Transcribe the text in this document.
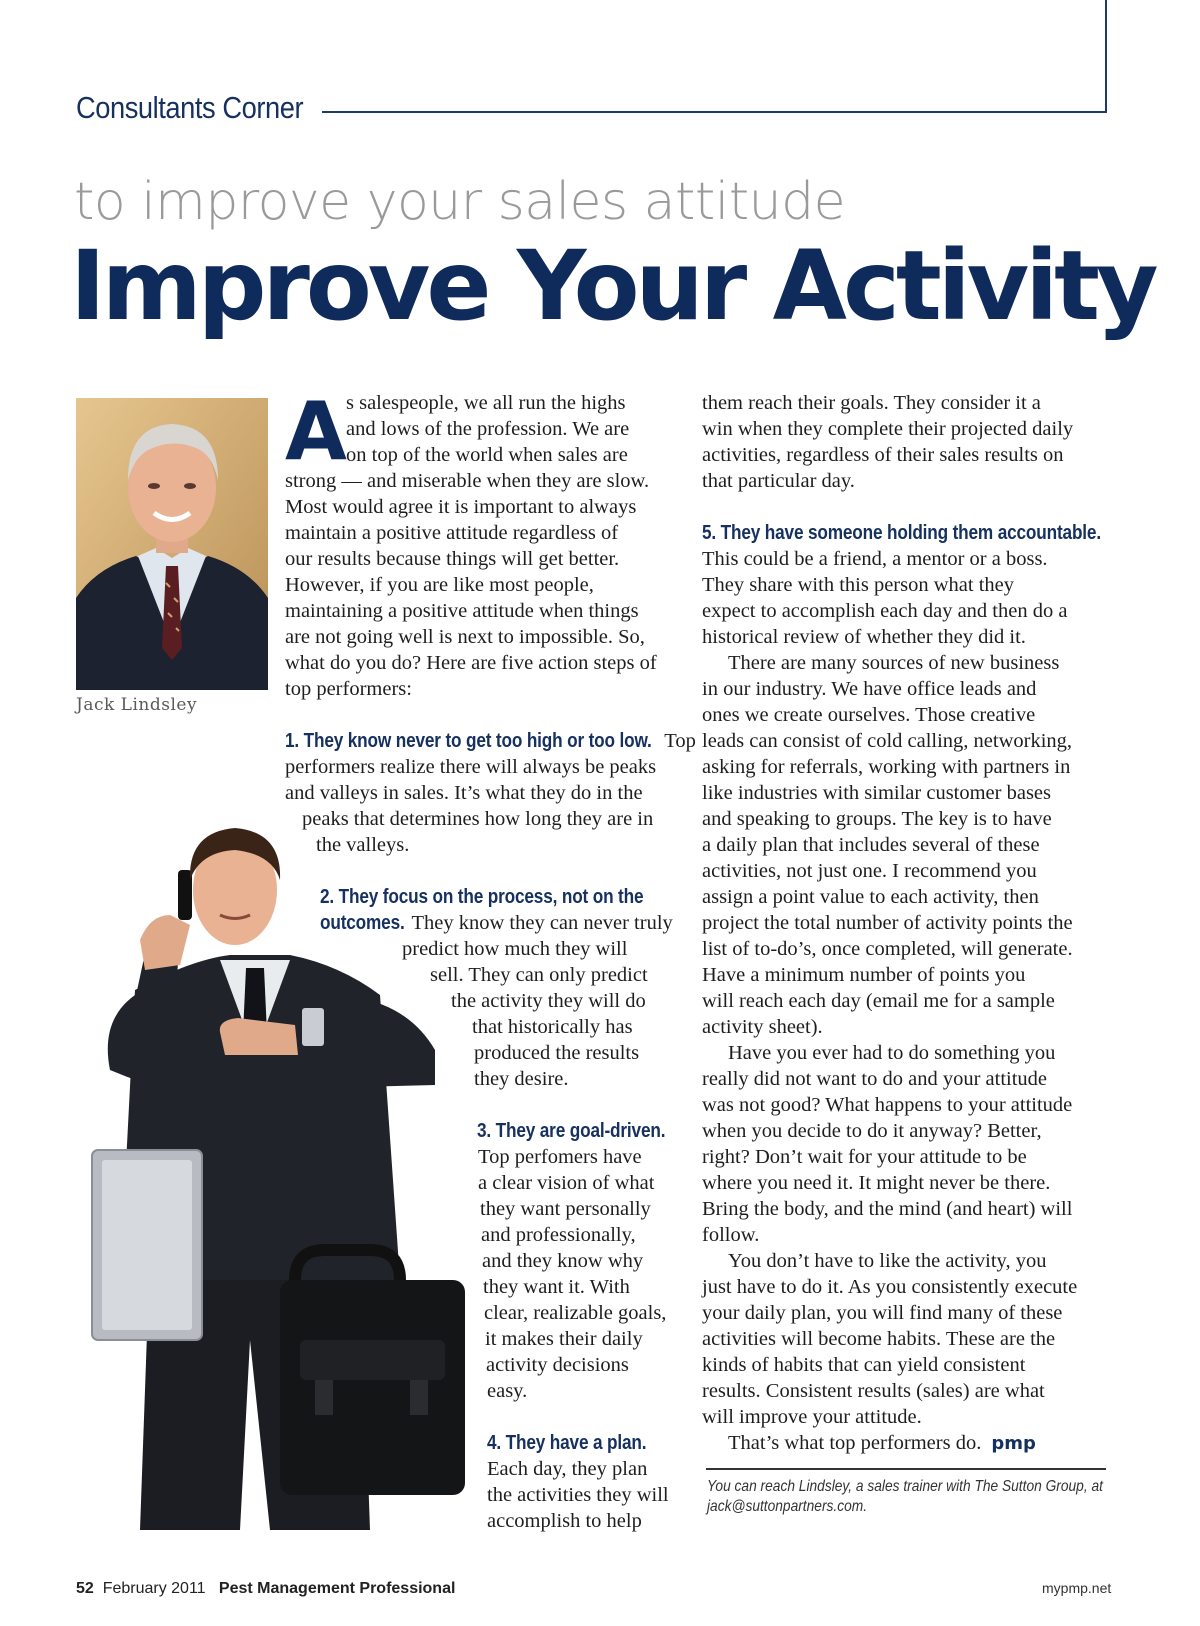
Consultants Corner
to improve your sales attitude
Improve Your Activity
Jack Lindsley
A s salespeople, we all run the highs
and lows of the profession. We are
on top of the world when sales are
strong — and miserable when they are slow.
Most would agree it is important to always
maintain a positive attitude regardless of
our results because things will get better.
However, if you are like most people,
maintaining a positive attitude when things
are not going well is next to impossible. So,
what do you do? Here are five action steps of
top performers:
1. They know never to get too high or too low. Top
performers realize there will always be peaks
and valleys in sales. It’s what they do in the
peaks that determines how long they are in
the valleys.
2. They focus on the process, not on the
outcomes. They know they can never truly
predict how much they will
sell. They can only predict
the activity they will do
that historically has
produced the results
they desire.
3. They are goal-driven.
Top perfomers have
a clear vision of what
they want personally
and professionally,
and they know why
they want it. With
clear, realizable goals,
it makes their daily
activity decisions
easy.
4. They have a plan.
Each day, they plan
the activities they will
accomplish to help
them reach their goals. They consider it a
win when they complete their projected daily
activities, regardless of their sales results on
that particular day.
5. They have someone holding them accountable.
This could be a friend, a mentor or a boss.
They share with this person what they
expect to accomplish each day and then do a
historical review of whether they did it.
There are many sources of new business
in our industry. We have office leads and
ones we create ourselves. Those creative
leads can consist of cold calling, networking,
asking for referrals, working with partners in
like industries with similar customer bases
and speaking to groups. The key is to have
a daily plan that includes several of these
activities, not just one. I recommend you
assign a point value to each activity, then
project the total number of activity points the
list of to-do’s, once completed, will generate.
Have a minimum number of points you
will reach each day (email me for a sample
activity sheet).
Have you ever had to do something you
really did not want to do and your attitude
was not good? What happens to your attitude
when you decide to do it anyway? Better,
right? Don’t wait for your attitude to be
where you need it. It might never be there.
Bring the body, and the mind (and heart) will
follow.
You don’t have to like the activity, you
just have to do it. As you consistently execute
your daily plan, you will find many of these
activities will become habits. These are the
kinds of habits that can yield consistent
results. Consistent results (sales) are what
will improve your attitude.
That’s what top performers do. pmp
You can reach Lindsley, a sales trainer with The Sutton Group, at
jack@suttonpartners.com.
52 February 2011 Pest Management Professional	mypmp.net
